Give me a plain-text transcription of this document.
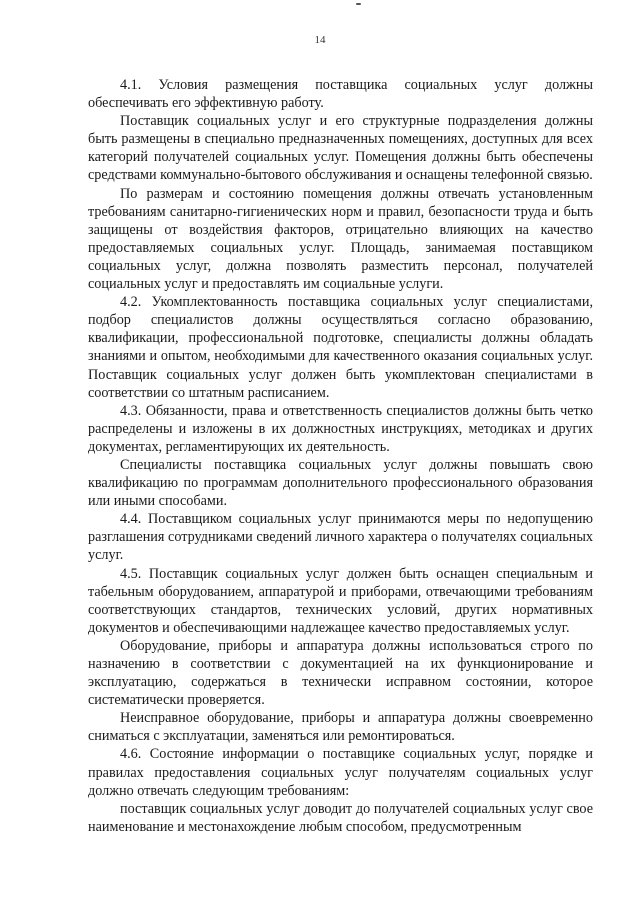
14

4.1. Условия размещения поставщика социальных услуг должны обеспечивать его эффективную работу.

Поставщик социальных услуг и его структурные подразделения должны быть размещены в специально предназначенных помещениях, доступных для всех категорий получателей социальных услуг. Помещения должны быть обеспечены средствами коммунально-бытового обслуживания и оснащены телефонной связью.

По размерам и состоянию помещения должны отвечать установленным требованиям санитарно-гигиенических норм и правил, безопасности труда и быть защищены от воздействия факторов, отрицательно влияющих на качество предоставляемых социальных услуг. Площадь, занимаемая поставщиком социальных услуг, должна позволять разместить персонал, получателей социальных услуг и предоставлять им социальные услуги.

4.2. Укомплектованность поставщика социальных услуг специалистами, подбор специалистов должны осуществляться согласно образованию, квалификации, профессиональной подготовке, специалисты должны обладать знаниями и опытом, необходимыми для качественного оказания социальных услуг. Поставщик социальных услуг должен быть укомплектован специалистами в соответствии со штатным расписанием.

4.3. Обязанности, права и ответственность специалистов должны быть четко распределены и изложены в их должностных инструкциях, методиках и других документах, регламентирующих их деятельность.

Специалисты поставщика социальных услуг должны повышать свою квалификацию по программам дополнительного профессионального образования или иными способами.

4.4. Поставщиком социальных услуг принимаются меры по недопущению разглашения сотрудниками сведений личного характера о получателях социальных услуг.

4.5. Поставщик социальных услуг должен быть оснащен специальным и табельным оборудованием, аппаратурой и приборами, отвечающими требованиям соответствующих стандартов, технических условий, других нормативных документов и обеспечивающими надлежащее качество предоставляемых услуг.

Оборудование, приборы и аппаратура должны использоваться строго по назначению в соответствии с документацией на их функционирование и эксплуатацию, содержаться в технически исправном состоянии, которое систематически проверяется.

Неисправное оборудование, приборы и аппаратура должны своевременно сниматься с эксплуатации, заменяться или ремонтироваться.

4.6. Состояние информации о поставщике социальных услуг, порядке и правилах предоставления социальных услуг получателям социальных услуг должно отвечать следующим требованиям:

поставщик социальных услуг доводит до получателей социальных услуг свое наименование и местонахождение любым способом, предусмотренным
